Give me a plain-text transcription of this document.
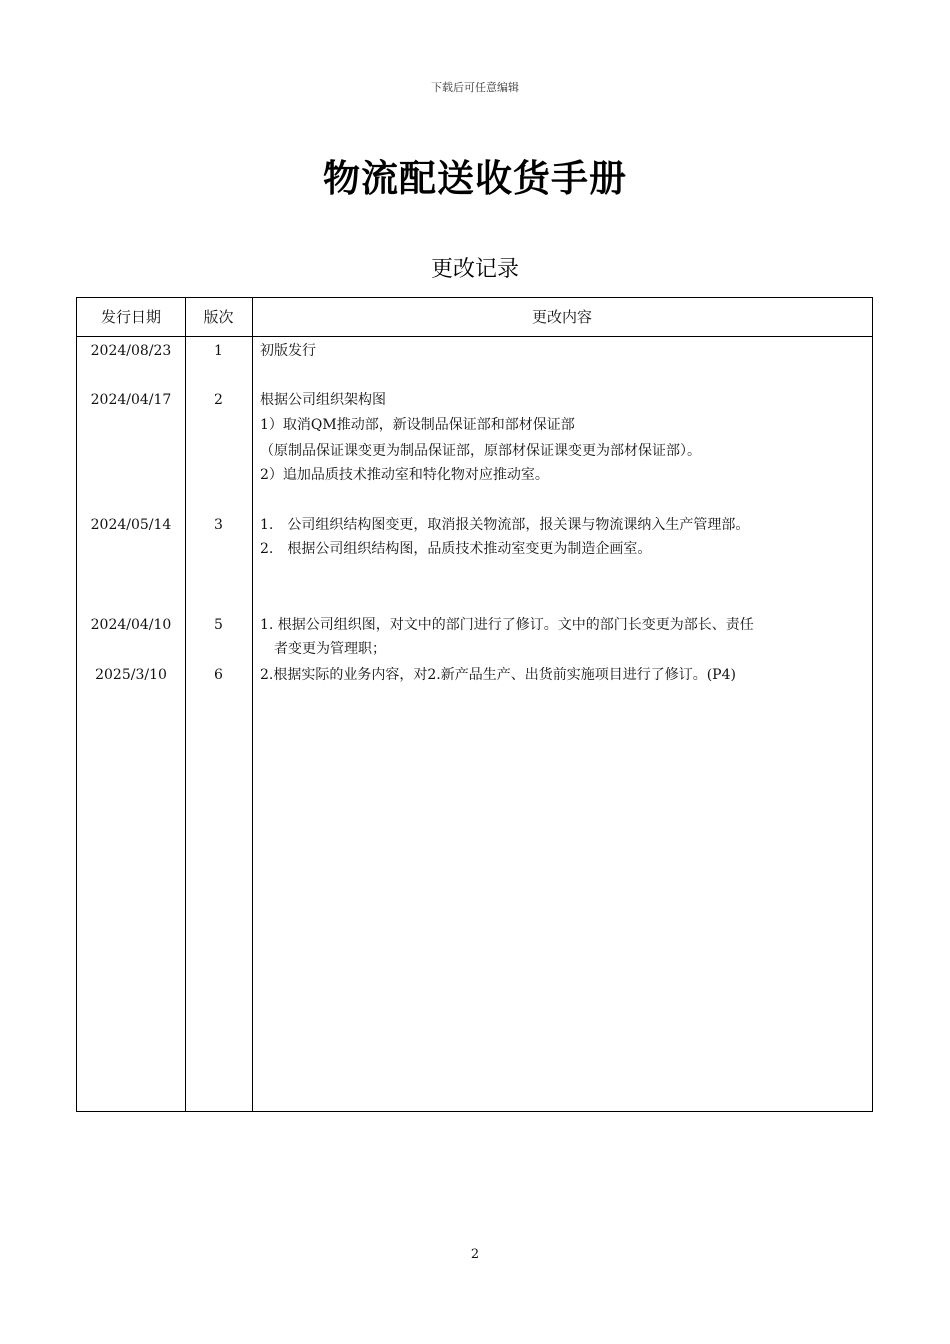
下载后可任意编辑
物流配送收货手册
更改记录
发行日期	版次	更改内容
2024/08/23	1	初版发行
2024/04/17	2	根据公司组织架构图
1）取消QM推动部，新设制品保证部和部材保证部
（原制品保证课变更为制品保证部，原部材保证课变更为部材保证部）。
2）追加品质技术推动室和特化物对应推动室。
2024/05/14	3	1.　公司组织结构图变更，取消报关物流部，报关课与物流课纳入生产管理部。
2.　根据公司组织结构图，品质技术推动室变更为制造企画室。
2024/04/10	5	1. 根据公司组织图，对文中的部门进行了修订。文中的部门长变更为部长、责任
　者变更为管理职；
2025/3/10	6	2.根据实际的业务内容，对2.新产品生产、出货前实施项目进行了修订。(P4)
2
